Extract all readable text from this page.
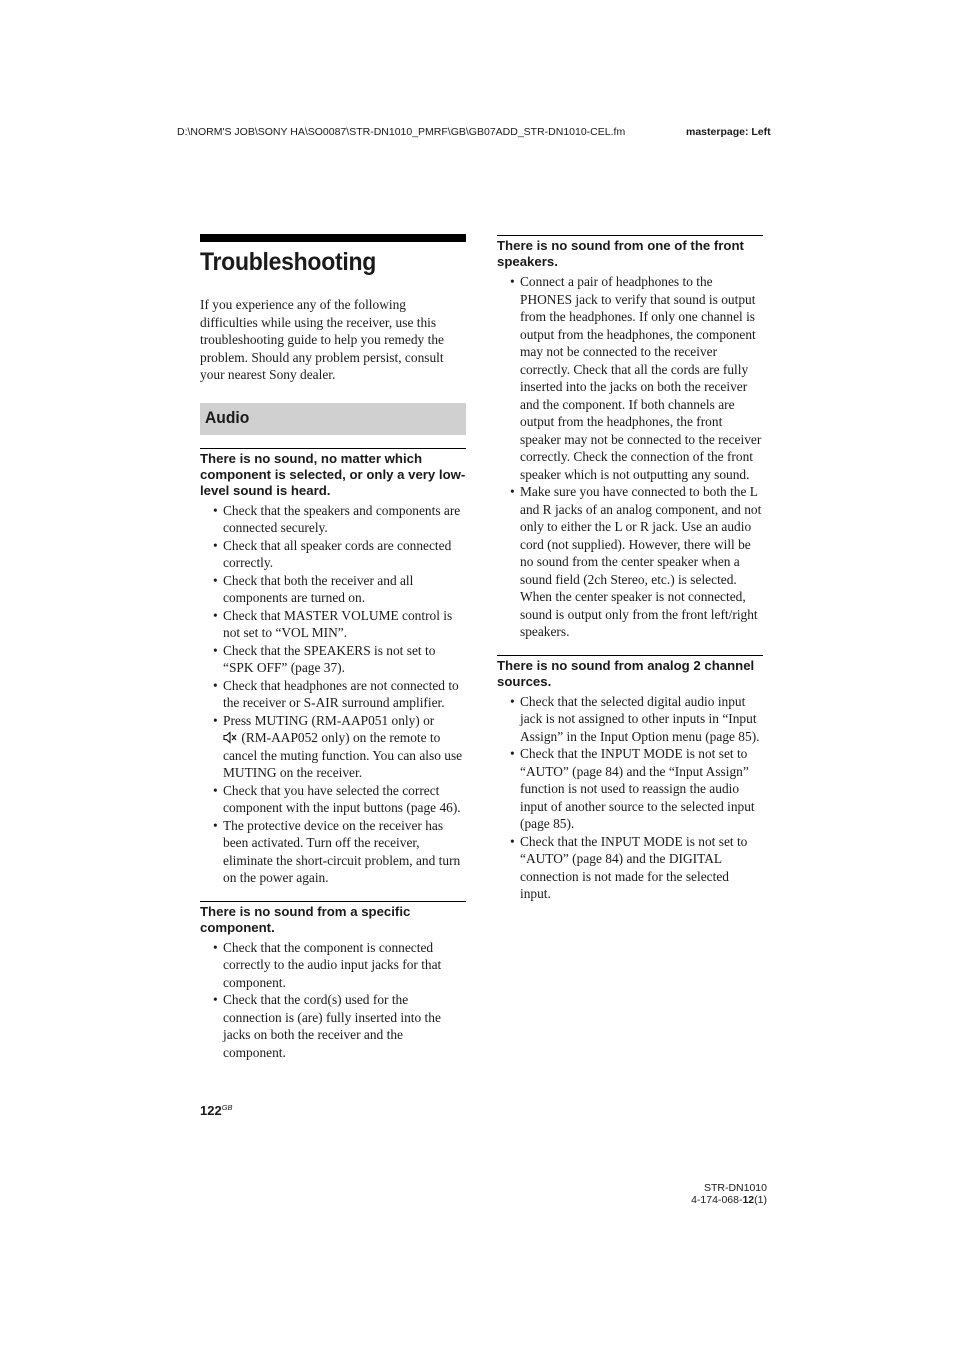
D:\NORM'S JOB\SONY HA\SO0087\STR-DN1010_PMRF\GB\GB07ADD_STR-DN1010-CEL.fm	masterpage: Left
Troubleshooting

If you experience any of the following difficulties while using the receiver, use this troubleshooting guide to help you remedy the problem. Should any problem persist, consult your nearest Sony dealer.

Audio
There is no sound, no matter which component is selected, or only a very low-level sound is heard.
• Check that the speakers and components are connected securely.
• Check that all speaker cords are connected correctly.
• Check that both the receiver and all components are turned on.
• Check that MASTER VOLUME control is not set to “VOL MIN”.
• Check that the SPEAKERS is not set to “SPK OFF” (page 37).
• Check that headphones are not connected to the receiver or S-AIR surround amplifier.
• Press MUTING (RM-AAP051 only) or
(RM-AAP052 only) on the remote to cancel the muting function. You can also use MUTING on the receiver.
• Check that you have selected the correct component with the input buttons (page 46).
• The protective device on the receiver has been activated. Turn off the receiver, eliminate the short-circuit problem, and turn on the power again.
There is no sound from a specific component.
• Check that the component is connected correctly to the audio input jacks for that component.
• Check that the cord(s) used for the connection is (are) fully inserted into the jacks on both the receiver and the component.
There is no sound from one of the front speakers.
• Connect a pair of headphones to the PHONES jack to verify that sound is output from the headphones. If only one channel is output from the headphones, the component may not be connected to the receiver correctly. Check that all the cords are fully inserted into the jacks on both the receiver and the component. If both channels are output from the headphones, the front speaker may not be connected to the receiver correctly. Check the connection of the front speaker which is not outputting any sound.
• Make sure you have connected to both the L and R jacks of an analog component, and not only to either the L or R jack. Use an audio cord (not supplied). However, there will be no sound from the center speaker when a sound field (2ch Stereo, etc.) is selected. When the center speaker is not connected, sound is output only from the front left/right speakers.
There is no sound from analog 2 channel sources.
• Check that the selected digital audio input jack is not assigned to other inputs in “Input Assign” in the Input Option menu (page 85).
• Check that the INPUT MODE is not set to “AUTO” (page 84) and the “Input Assign” function is not used to reassign the audio input of another source to the selected input (page 85).
• Check that the INPUT MODE is not set to “AUTO” (page 84) and the DIGITAL connection is not made for the selected input.
$122^{GB}$
STR-DN1010
4-174-068-12(1)
